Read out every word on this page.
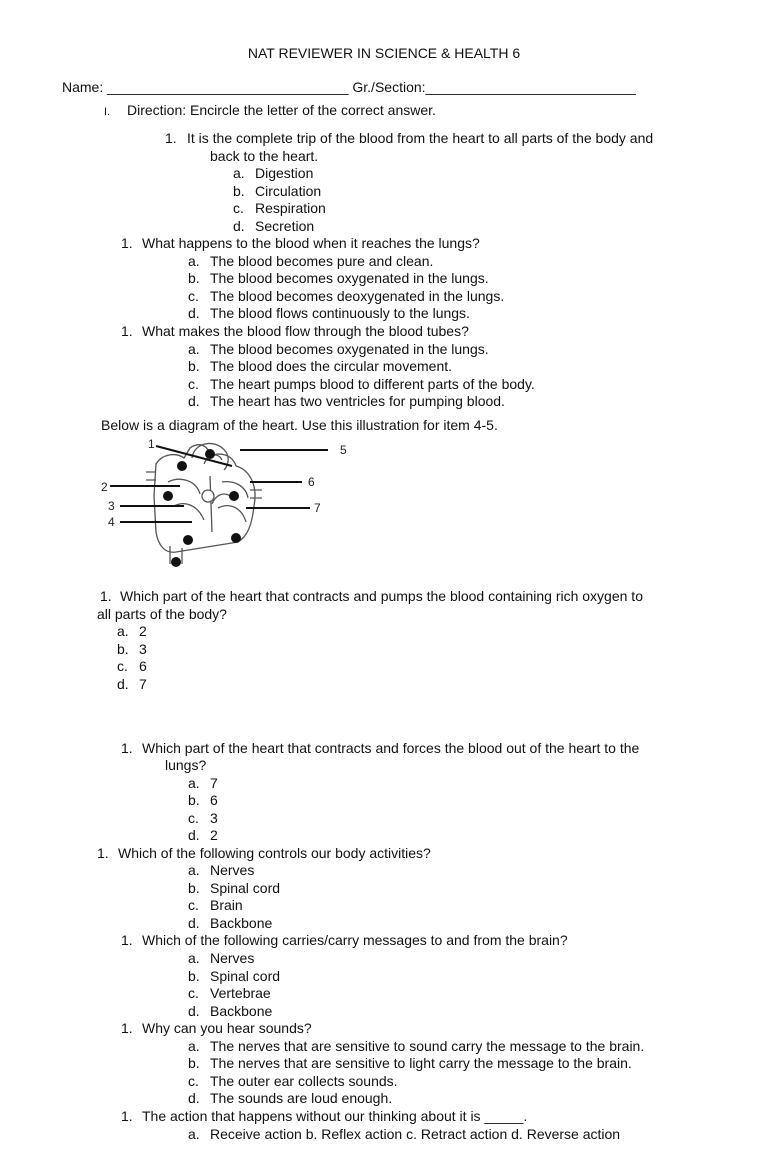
NAT REVIEWER IN SCIENCE & HEALTH 6
Name: _______________________________ Gr./Section:___________________________
I. Direction: Encircle the letter of the correct answer.
1. It is the complete trip of the blood from the heart to all parts of the body and
back to the heart.
a. Digestion
b. Circulation
c. Respiration
d. Secretion
1. What happens to the blood when it reaches the lungs?
a. The blood becomes pure and clean.
b. The blood becomes oxygenated in the lungs.
c. The blood becomes deoxygenated in the lungs.
d. The blood flows continuously to the lungs.
1. What makes the blood flow through the blood tubes?
a. The blood becomes oxygenated in the lungs.
b. The blood does the circular movement.
c. The heart pumps blood to different parts of the body.
d. The heart has two ventricles for pumping blood.
Below is a diagram of the heart. Use this illustration for item 4-5.
1	5
6
2
3	7
4
1. Which part of the heart that contracts and pumps the blood containing rich oxygen to
all parts of the body?
a. 2
b. 3
c. 6
d. 7
1. Which part of the heart that contracts and forces the blood out of the heart to the
lungs?
a. 7
b. 6
c. 3
d. 2
1. Which of the following controls our body activities?
a. Nerves
b. Spinal cord
c. Brain
d. Backbone
1. Which of the following carries/carry messages to and from the brain?
a. Nerves
b. Spinal cord
c. Vertebrae
d. Backbone
1. Why can you hear sounds?
a. The nerves that are sensitive to sound carry the message to the brain.
b. The nerves that are sensitive to light carry the message to the brain.
c. The outer ear collects sounds.
d. The sounds are loud enough.
1. The action that happens without our thinking about it is _____.
a. Receive action b. Reflex action c. Retract action d. Reverse action
